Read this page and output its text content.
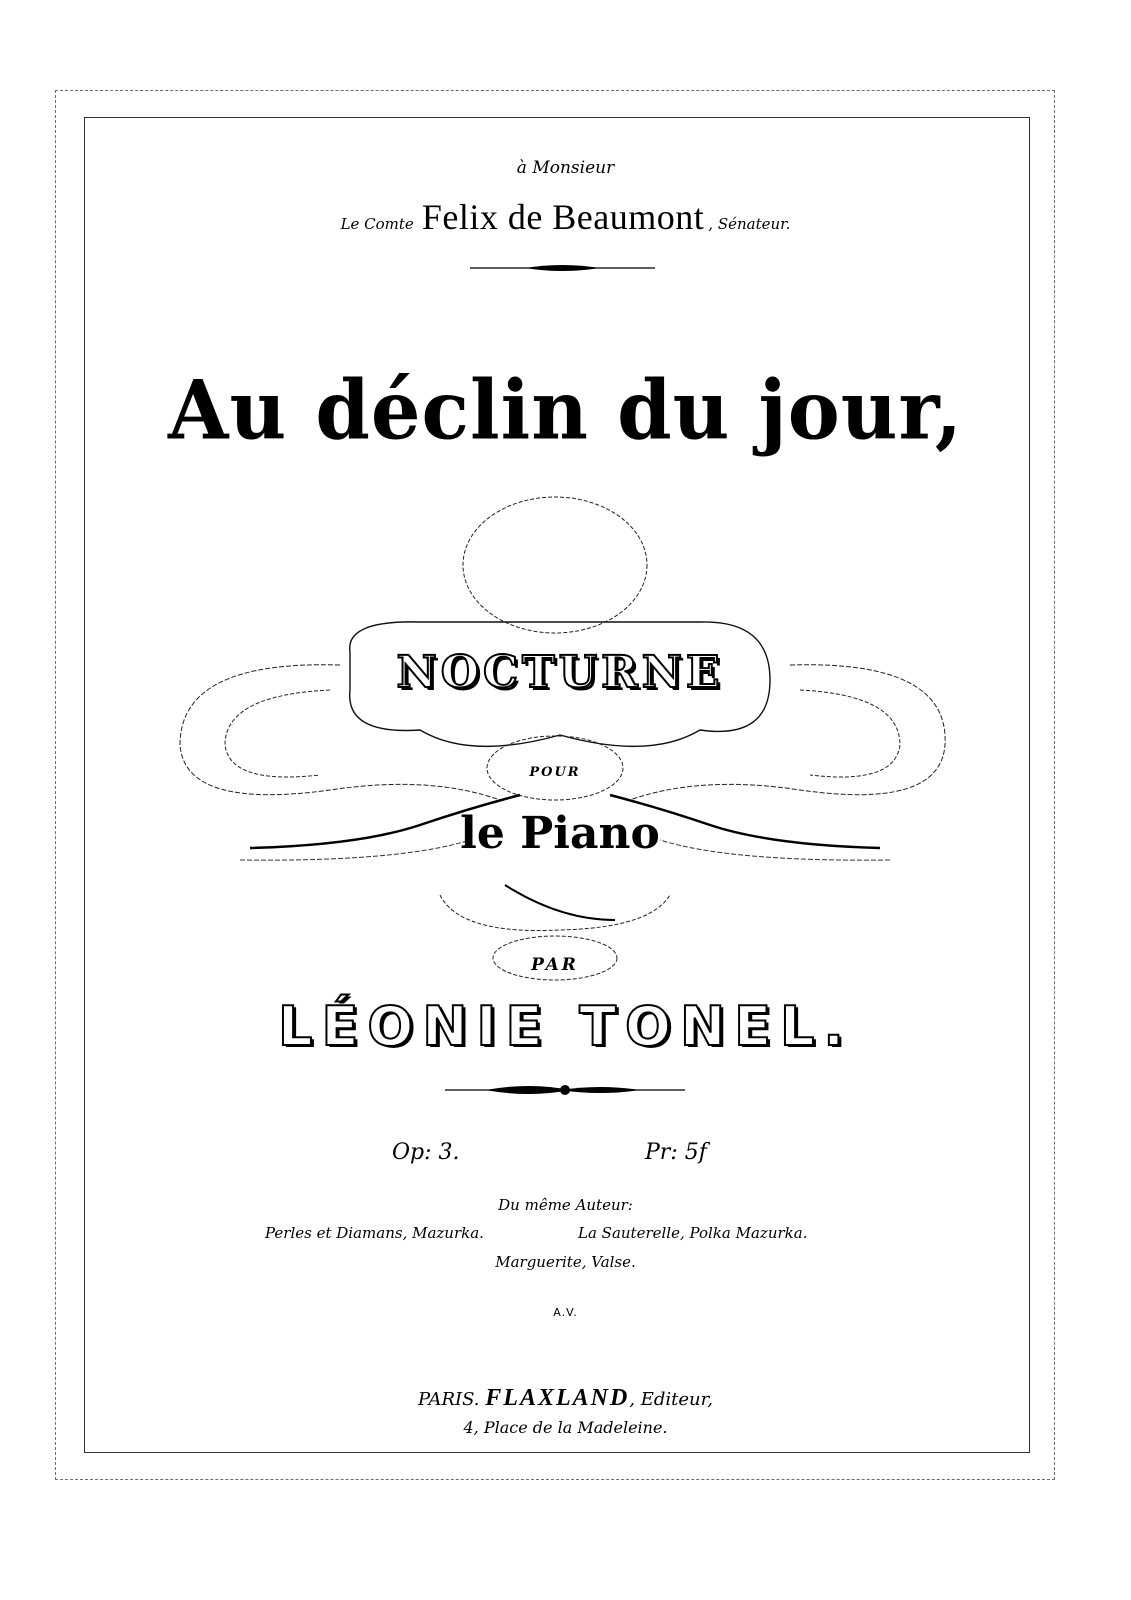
à Monsieur
Le Comte Felix de Beaumont , Sénateur.
Au déclin du jour,
NOCTURNE
POUR
le Piano
PAR
LÉONIE TONEL.
Op: 3.	Pr: 5f
Du même Auteur:
Perles et Diamans, Mazurka.	La Sauterelle, Polka Mazurka.
Marguerite, Valse.
A.V.
PARIS. FLAXLAND, Editeur,
4, Place de la Madeleine.
